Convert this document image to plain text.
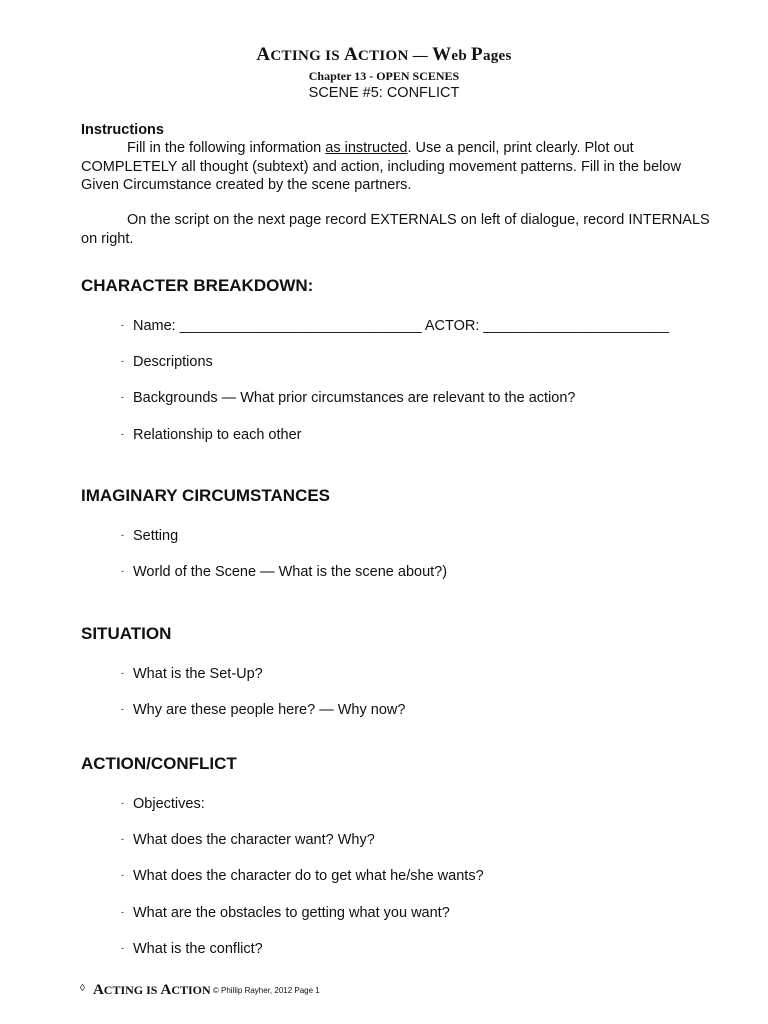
ACTING IS ACTION — Web Pages
Chapter 13 - OPEN SCENES
SCENE #5: CONFLICT
Instructions
Fill in the following information as instructed. Use a pencil, print clearly. Plot out COMPLETELY all thought (subtext) and action, including movement patterns. Fill in the below Given Circumstance created by the scene partners.
On the script on the next page record EXTERNALS on left of dialogue, record INTERNALS on right.
CHARACTER BREAKDOWN:
- Name: ______________________________ ACTOR: _______________________
- Descriptions
- Backgrounds — What prior circumstances are relevant to the action?
- Relationship to each other
IMAGINARY CIRCUMSTANCES
- Setting
- World of the Scene — What is the scene about?)
SITUATION
- What is the Set-Up?
- Why are these people here? — Why now?
ACTION/CONFLICT
- Objectives:
- What does the character want? Why?
- What does the character do to get what he/she wants?
- What are the obstacles to getting what you want?
- What is the conflict?
◊ ACTING IS ACTION © Phillip Rayher, 2012 Page 1
